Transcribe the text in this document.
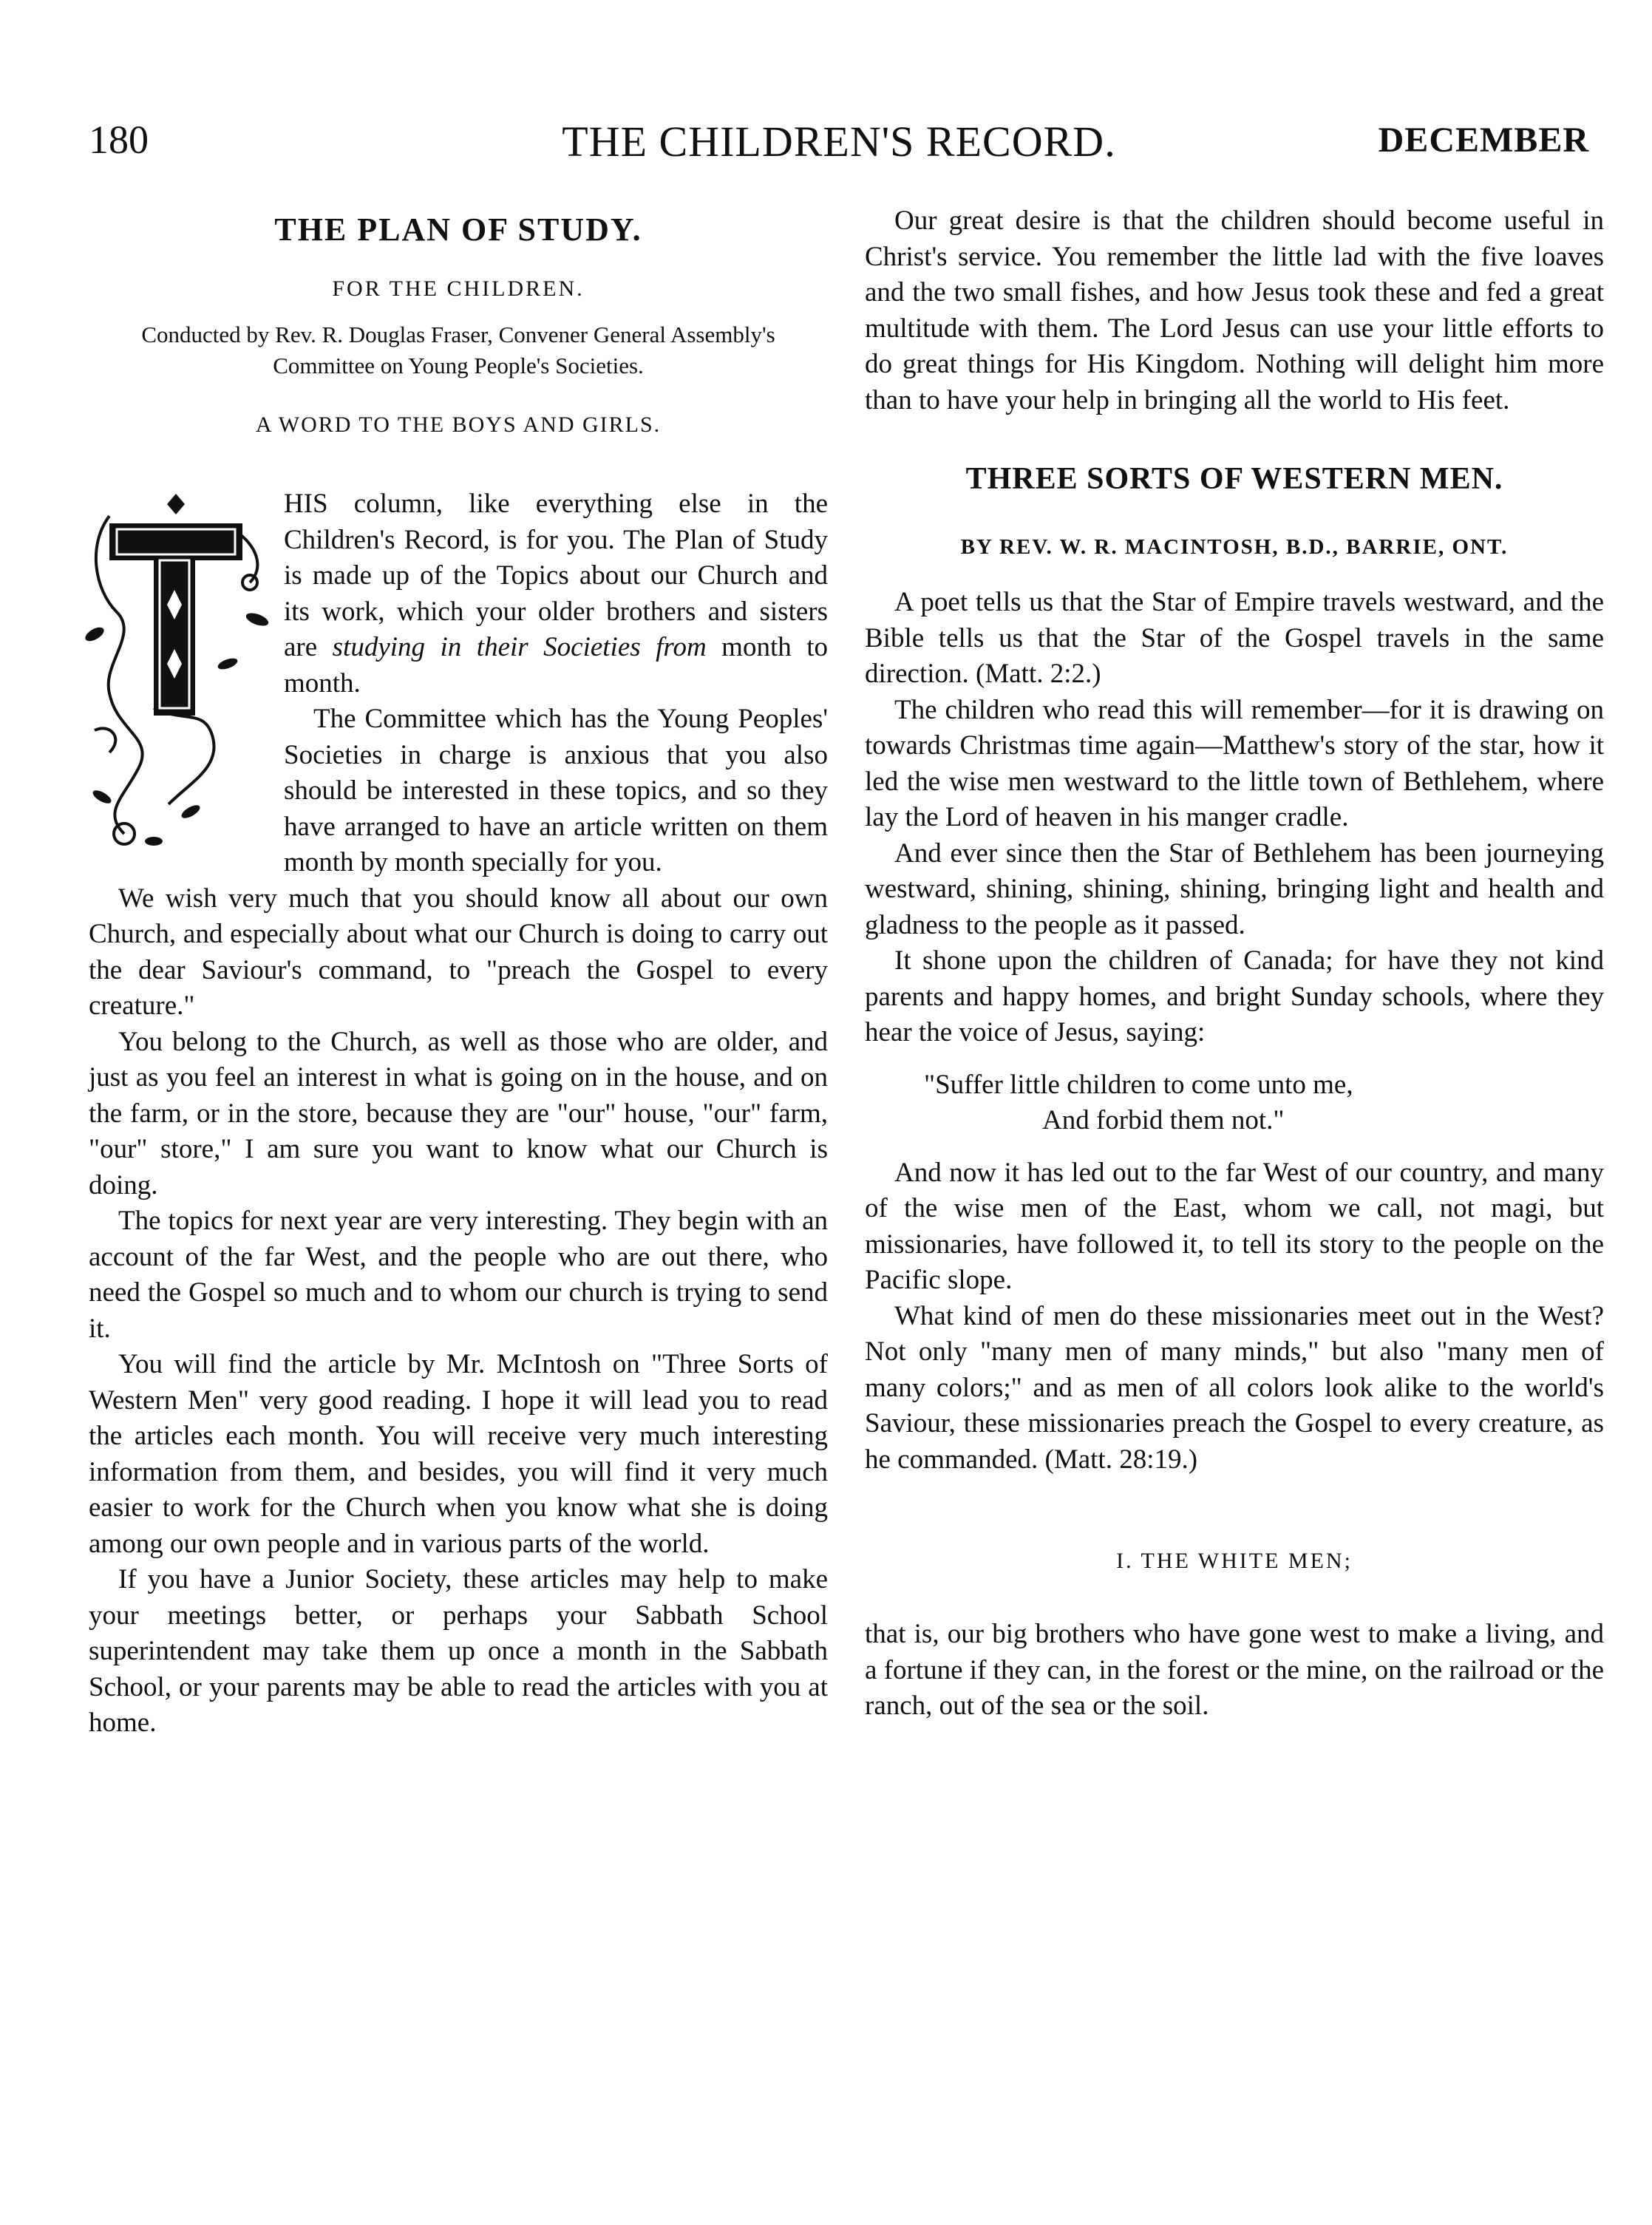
180	THE CHILDREN'S RECORD.	DECEMBER
THE PLAN OF STUDY.
FOR THE CHILDREN.

Conducted by Rev. R. Douglas Fraser, Convener General Assembly's Committee on Young People's Societies.

A WORD TO THE BOYS AND GIRLS.

HIS column, like everything else in the Children's Record, is for you. The Plan of Study is made up of the Topics about our Church and its work, which your older brothers and sisters are studying in their Societies from month to month.

The Committee which has the Young Peoples' Societies in charge is anxious that you also should be interested in these topics, and so they have arranged to have an article written on them month by month specially for you.

We wish very much that you should know all about our own Church, and especially about what our Church is doing to carry out the dear Saviour's command, to "preach the Gospel to every creature."

You belong to the Church, as well as those who are older, and just as you feel an interest in what is going on in the house, and on the farm, or in the store, because they are "our" house, "our" farm, "our" store," I am sure you want to know what our Church is doing.

The topics for next year are very interesting. They begin with an account of the far West, and the people who are out there, who need the Gospel so much and to whom our church is trying to send it.

You will find the article by Mr. McIntosh on "Three Sorts of Western Men" very good reading. I hope it will lead you to read the articles each month. You will receive very much interesting information from them, and besides, you will find it very much easier to work for the Church when you know what she is doing among our own people and in various parts of the world.

If you have a Junior Society, these articles may help to make your meetings better, or perhaps your Sabbath School superintendent may take them up once a month in the Sabbath School, or your parents may be able to read the articles with you at home.

Our great desire is that the children should become useful in Christ's service. You remember the little lad with the five loaves and the two small fishes, and how Jesus took these and fed a great multitude with them. The Lord Jesus can use your little efforts to do great things for His Kingdom. Nothing will delight him more than to have your help in bringing all the world to His feet.

THREE SORTS OF WESTERN MEN.
BY REV. W. R. MACINTOSH, B.D., BARRIE, ONT.

A poet tells us that the Star of Empire travels westward, and the Bible tells us that the Star of the Gospel travels in the same direction. (Matt. 2:2.)

The children who read this will remember—for it is drawing on towards Christmas time again—Matthew's story of the star, how it led the wise men westward to the little town of Bethlehem, where lay the Lord of heaven in his manger cradle.

And ever since then the Star of Bethlehem has been journeying westward, shining, shining, shining, bringing light and health and gladness to the people as it passed.

It shone upon the children of Canada; for have they not kind parents and happy homes, and bright Sunday schools, where they hear the voice of Jesus, saying:

"Suffer little children to come unto me,
And forbid them not."

And now it has led out to the far West of our country, and many of the wise men of the East, whom we call, not magi, but missionaries, have followed it, to tell its story to the people on the Pacific slope.

What kind of men do these missionaries meet out in the West? Not only "many men of many minds," but also "many men of many colors;" and as men of all colors look alike to the world's Saviour, these missionaries preach the Gospel to every creature, as he commanded. (Matt. 28:19.)

I. THE WHITE MEN;

that is, our big brothers who have gone west to make a living, and a fortune if they can, in the forest or the mine, on the railroad or the ranch, out of the sea or the soil.
